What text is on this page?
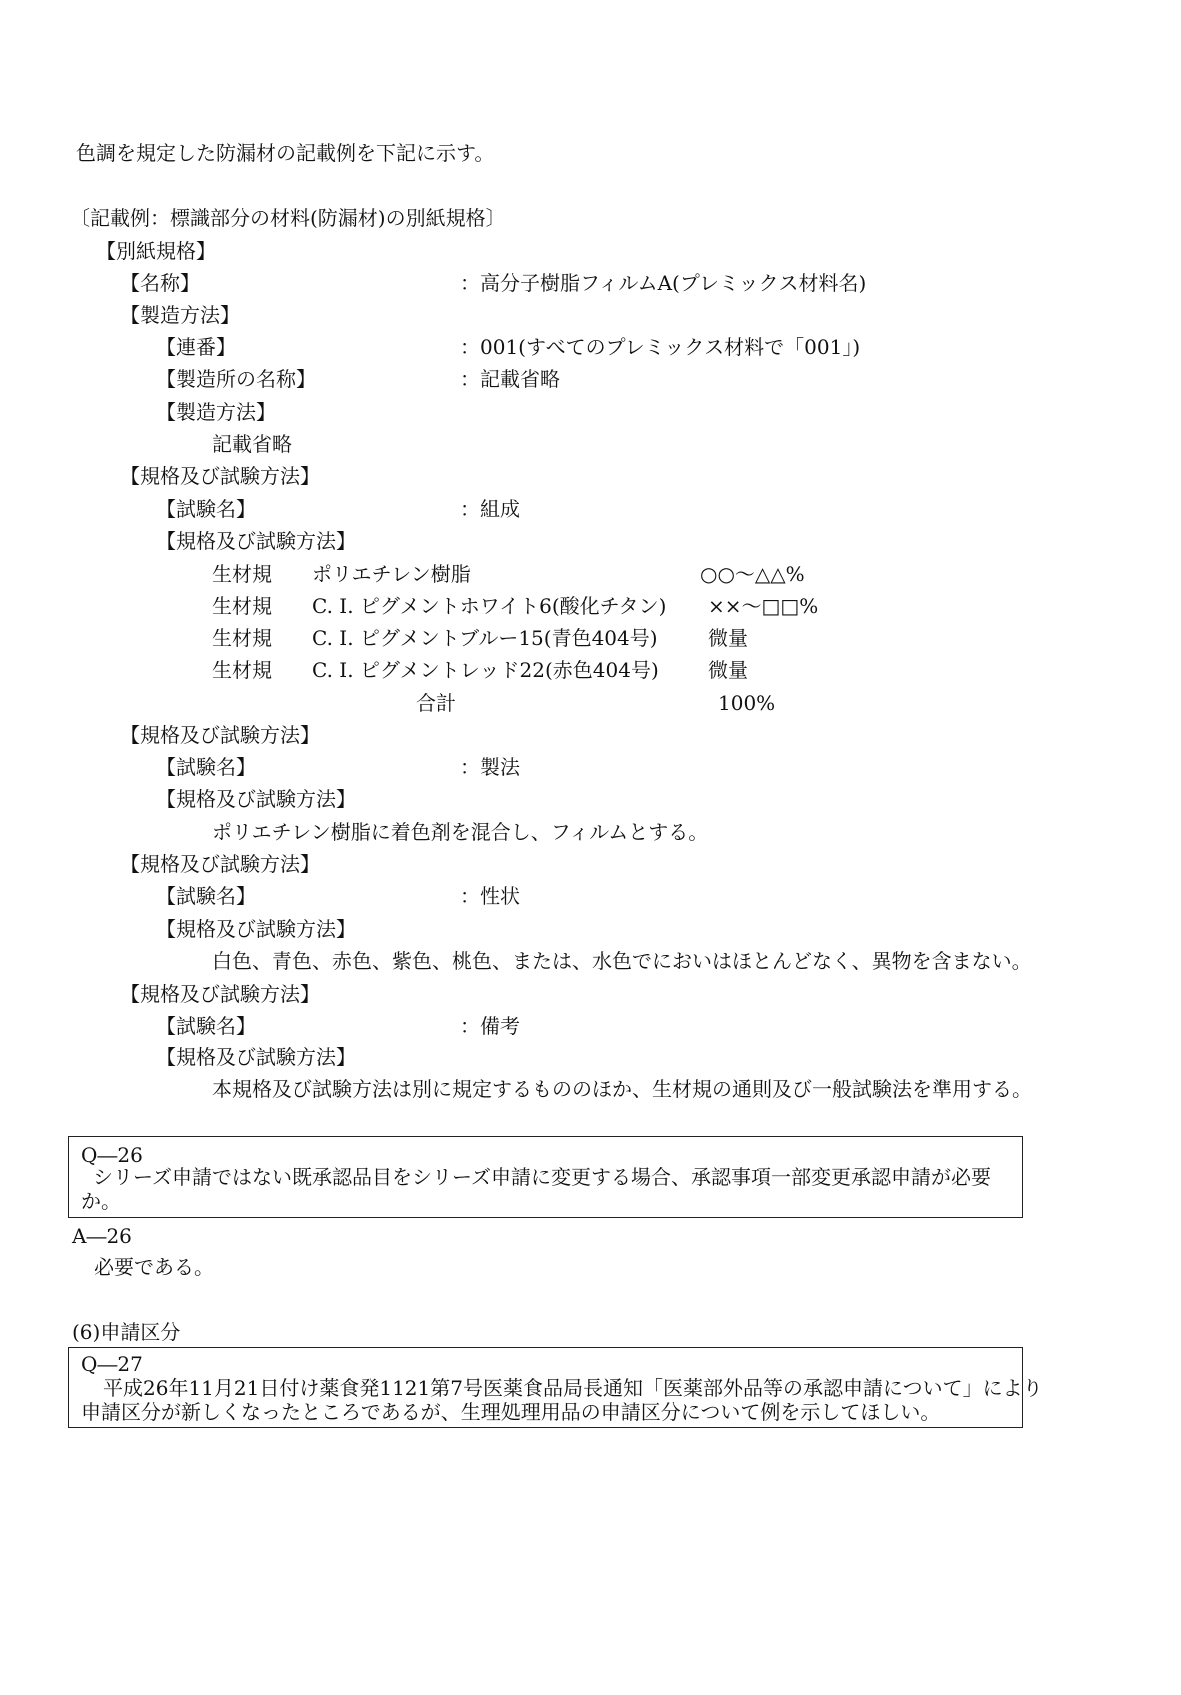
色調を規定した防漏材の記載例を下記に示す。
〔記載例：標識部分の材料(防漏材)の別紙規格〕
【別紙規格】
【名称】	：高分子樹脂フィルムA(プレミックス材料名)
【製造方法】
【連番】	：001(すべてのプレミックス材料で「001」)
【製造所の名称】	：記載省略
【製造方法】
記載省略
【規格及び試験方法】
【試験名】	：組成
【規格及び試験方法】
生材規 ポリエチレン樹脂	○○～△△%
生材規 C. I. ピグメントホワイト6(酸化チタン) ××～□□%
生材規 C. I. ピグメントブルー15(青色404号)	微量
生材規 C. I. ピグメントレッド22(赤色404号) 微量
合計	100%
【規格及び試験方法】
【試験名】	：製法
【規格及び試験方法】
ポリエチレン樹脂に着色剤を混合し、フィルムとする。
【規格及び試験方法】
【試験名】	：性状
【規格及び試験方法】
白色、青色、赤色、紫色、桃色、または、水色でにおいはほとんどなく、異物を含まない。
【規格及び試験方法】
【試験名】	：備考
【規格及び試験方法】
本規格及び試験方法は別に規定するもののほか、生材規の通則及び一般試験法を準用する。
Q―26
シリーズ申請ではない既承認品目をシリーズ申請に変更する場合、承認事項一部変更承認申請が必要
か。
A―26
必要である。
(6)申請区分
Q―27
平成26年11月21日付け薬食発1121第7号医薬食品局長通知「医薬部外品等の承認申請について」により
申請区分が新しくなったところであるが、生理処理用品の申請区分について例を示してほしい。
